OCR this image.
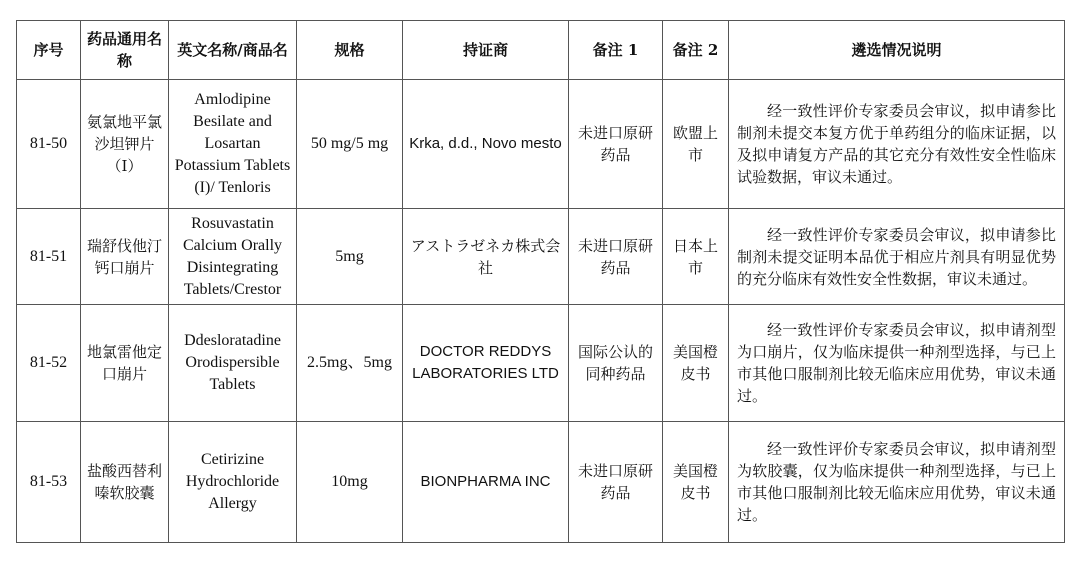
序号	药品通用名称	英文名称/商品名	规格	持证商	备注 1	备注 2	遴选情况说明
81-50	氨氯地平氯沙坦钾片（I）	Amlodipine Besilate and Losartan Potassium Tablets (I)/ Tenloris	50 mg/5 mg	Krka, d.d., Novo mesto	未进口原研药品	欧盟上市	经一致性评价专家委员会审议，拟申请参比制剂未提交本复方优于单药组分的临床证据，以及拟申请复方产品的其它充分有效性安全性临床试验数据，审议未通过。
81-51	瑞舒伐他汀钙口崩片	Rosuvastatin Calcium Orally Disintegrating Tablets/Crestor	5mg	アストラゼネカ株式会社	未进口原研药品	日本上市	经一致性评价专家委员会审议，拟申请参比制剂未提交证明本品优于相应片剂具有明显优势的充分临床有效性安全性数据，审议未通过。
81-52	地氯雷他定口崩片	Ddesloratadine Orodispersible Tablets	2.5mg、5mg	DOCTOR REDDYS LABORATORIES LTD	国际公认的同种药品	美国橙皮书	经一致性评价专家委员会审议，拟申请剂型为口崩片，仅为临床提供一种剂型选择，与已上市其他口服制剂比较无临床应用优势，审议未通过。
81-53	盐酸西替利嗪软胶囊	Cetirizine Hydrochloride Allergy	10mg	BIONPHARMA INC	未进口原研药品	美国橙皮书	经一致性评价专家委员会审议，拟申请剂型为软胶囊，仅为临床提供一种剂型选择，与已上市其他口服制剂比较无临床应用优势，审议未通过。
